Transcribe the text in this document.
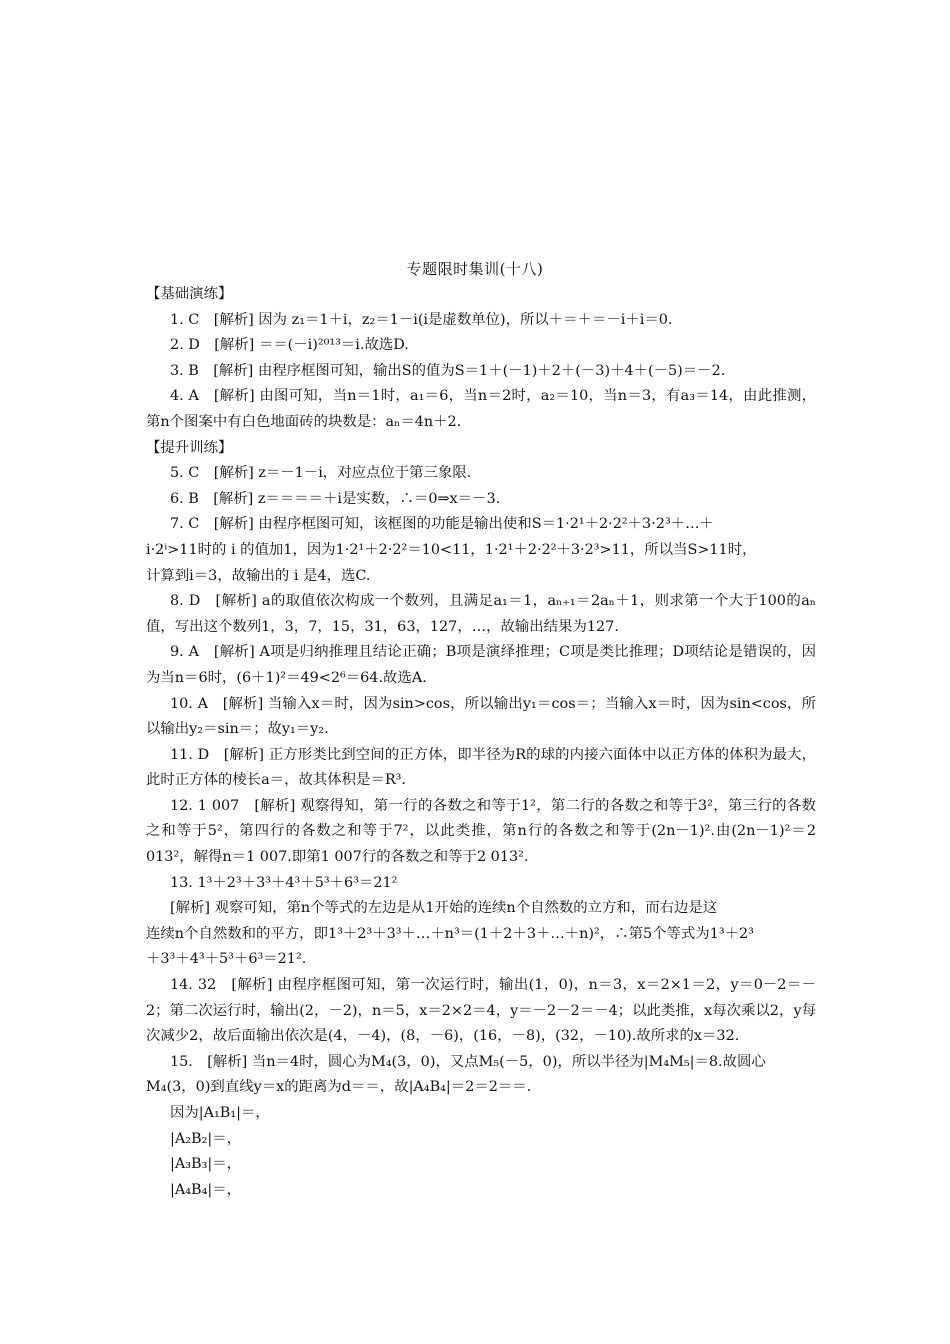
专题限时集训(十八)

【基础演练】

1. C　[解析] 因为 z₁＝1＋i，z₂＝1－i(i是虚数单位)，所以＋＝＋＝－i＋i＝0.

2. D　[解析] ＝＝(－i)²⁰¹³＝i.故选D.

3. B　[解析] 由程序框图可知，输出S的值为S＝1＋(－1)＋2＋(－3)＋4＋(－5)＝－2.

4. A　[解析] 由图可知，当n＝1时，a₁＝6，当n＝2时，a₂＝10，当n＝3，有a₃＝14，由此推测，第n个图案中有白色地面砖的块数是：aₙ＝4n＋2.

【提升训练】

5. C　[解析] z＝－1－i，对应点位于第三象限.

6. B　[解析] z＝＝＝＝＋i是实数，∴＝0⇒x＝－3.

7. C　[解析] 由程序框图可知，该框图的功能是输出使和S＝1·2¹＋2·2²＋3·2³＋…＋

i·2ⁱ>11时的 i 的值加1，因为1·2¹＋2·2²＝10<11，1·2¹＋2·2²＋3·2³>11，所以当S>11时，

计算到i＝3，故输出的 i 是4，选C.

8. D　[解析] a的取值依次构成一个数列，且满足a₁＝1，aₙ₊₁＝2aₙ＋1，则求第一个大于100的aₙ值，写出这个数列1，3，7，15，31，63，127，…，故输出结果为127.

9. A　[解析] A项是归纳推理且结论正确；B项是演绎推理；C项是类比推理；D项结论是错误的，因为当n＝6时，(6＋1)²＝49<2⁶＝64.故选A.

10. A　[解析] 当输入x＝时，因为sin>cos，所以输出y₁＝cos＝；当输入x＝时，因为sin<cos，所以输出y₂＝sin＝；故y₁＝y₂.

11. D　[解析] 正方形类比到空间的正方体，即半径为R的球的内接六面体中以正方体的体积为最大，此时正方体的棱长a＝，故其体积是＝R³.

12. 1 007　[解析] 观察得知，第一行的各数之和等于1²，第二行的各数之和等于3²，第三行的各数之和等于5²，第四行的各数之和等于7²，以此类推，第n行的各数之和等于(2n－1)².由(2n－1)²＝2 013²，解得n＝1 007.即第1 007行的各数之和等于2 013².

13. 1³＋2³＋3³＋4³＋5³＋6³＝21²

[解析] 观察可知，第n个等式的左边是从1开始的连续n个自然数的立方和，而右边是这

连续n个自然数和的平方，即1³＋2³＋3³＋…＋n³＝(1＋2＋3＋…＋n)²，∴第5个等式为1³＋2³

＋3³＋4³＋5³＋6³＝21².

14. 32　[解析] 由程序框图可知，第一次运行时，输出(1，0)，n＝3，x＝2×1＝2，y＝0－2＝－2；第二次运行时，输出(2，－2)，n＝5，x＝2×2＝4，y＝－2－2＝－4；以此类推，x每次乘以2，y每次减少2，故后面输出依次是(4，－4)，(8，－6)，(16，－8)，(32，－10).故所求的x＝32.

15.　[解析] 当n＝4时，圆心为M₄(3，0)，又点M₅(－5，0)，所以半径为|M₄M₅|＝8.故圆心

M₄(3，0)到直线y＝x的距离为d＝＝，故|A₄B₄|＝2＝2＝＝.

因为|A₁B₁|＝，

|A₂B₂|＝，

|A₃B₃|＝，

|A₄B₄|＝，
